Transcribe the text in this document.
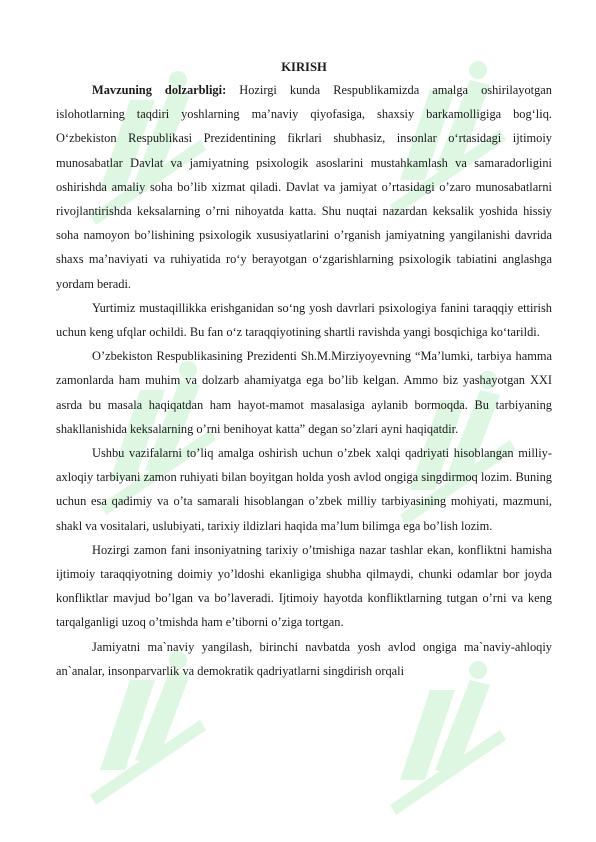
KIRISH

Mavzuning dolzarbligi: Hozirgi kunda Respublikamizda amalga oshirilayotgan islohotlarning taqdiri yoshlarning ma’naviy qiyofasiga, shaxsiy barkamolligiga bog‘liq. O‘zbekiston Respublikasi Prezidentining fikrlari shubhasiz, insonlar o‘rtasidagi ijtimoiy munosabatlar Davlat va jamiyatning psixologik asoslarini mustahkamlash va samaradorligini oshirishda amaliy soha bo’lib xizmat qiladi. Davlat va jamiyat o’rtasidagi o’zaro munosabatlarni rivojlantirishda keksalarning o’rni nihoyatda katta. Shu nuqtai nazardan keksalik yoshida hissiy soha namoyon bo’lishining psixologik xususiyatlarini o’rganish jamiyatning yangilanishi davrida shaxs ma’naviyati va ruhiyatida ro‘y berayotgan o‘zgarishlarning psixologik tabiatini anglashga yordam beradi.

Yurtimiz mustaqillikka erishganidan so‘ng yosh davrlari psixologiya fanini taraqqiy ettirish uchun keng ufqlar ochildi. Bu fan o‘z taraqqiyotining shartli ravishda yangi bosqichiga ko‘tarildi.

O’zbekiston Respublikasining Prezidenti Sh.M.Mirziyoyevning “Ma’lumki, tarbiya hamma zamonlarda ham muhim va dolzarb ahamiyatga ega bo’lib kelgan. Ammo biz yashayotgan XXI asrda bu masala haqiqatdan ham hayot-mamot masalasiga aylanib bormoqda. Bu tarbiyaning shakllanishida keksalarning o’rni benihoyat katta” degan so’zlari ayni haqiqatdir.

Ushbu vazifalarni to’liq amalga oshirish uchun o’zbek xalqi qadriyati hisoblangan milliy-axloqiy tarbiyani zamon ruhiyati bilan boyitgan holda yosh avlod ongiga singdirmoq lozim. Buning uchun esa qadimiy va o’ta samarali hisoblangan o’zbek milliy tarbiyasining mohiyati, mazmuni, shakl va vositalari, uslubiyati, tarixiy ildizlari haqida ma’lum bilimga ega bo’lish lozim.

Hozirgi zamon fani insoniyatning tarixiy o’tmishiga nazar tashlar ekan, konfliktni hamisha ijtimoiy taraqqiyotning doimiy yo’ldoshi ekanligiga shubha qilmaydi, chunki odamlar bor joyda konfliktlar mavjud bo’lgan va bo’laveradi. Ijtimoiy hayotda konfliktlarning tutgan o’rni va keng tarqalganligi uzoq o’tmishda ham e’tiborni o’ziga tortgan.

Jamiyatni ma`naviy yangilash, birinchi navbatda yosh avlod ongiga ma`naviy-ahloqiy an`analar, insonparvarlik va demokratik qadriyatlarni singdirish orqali
